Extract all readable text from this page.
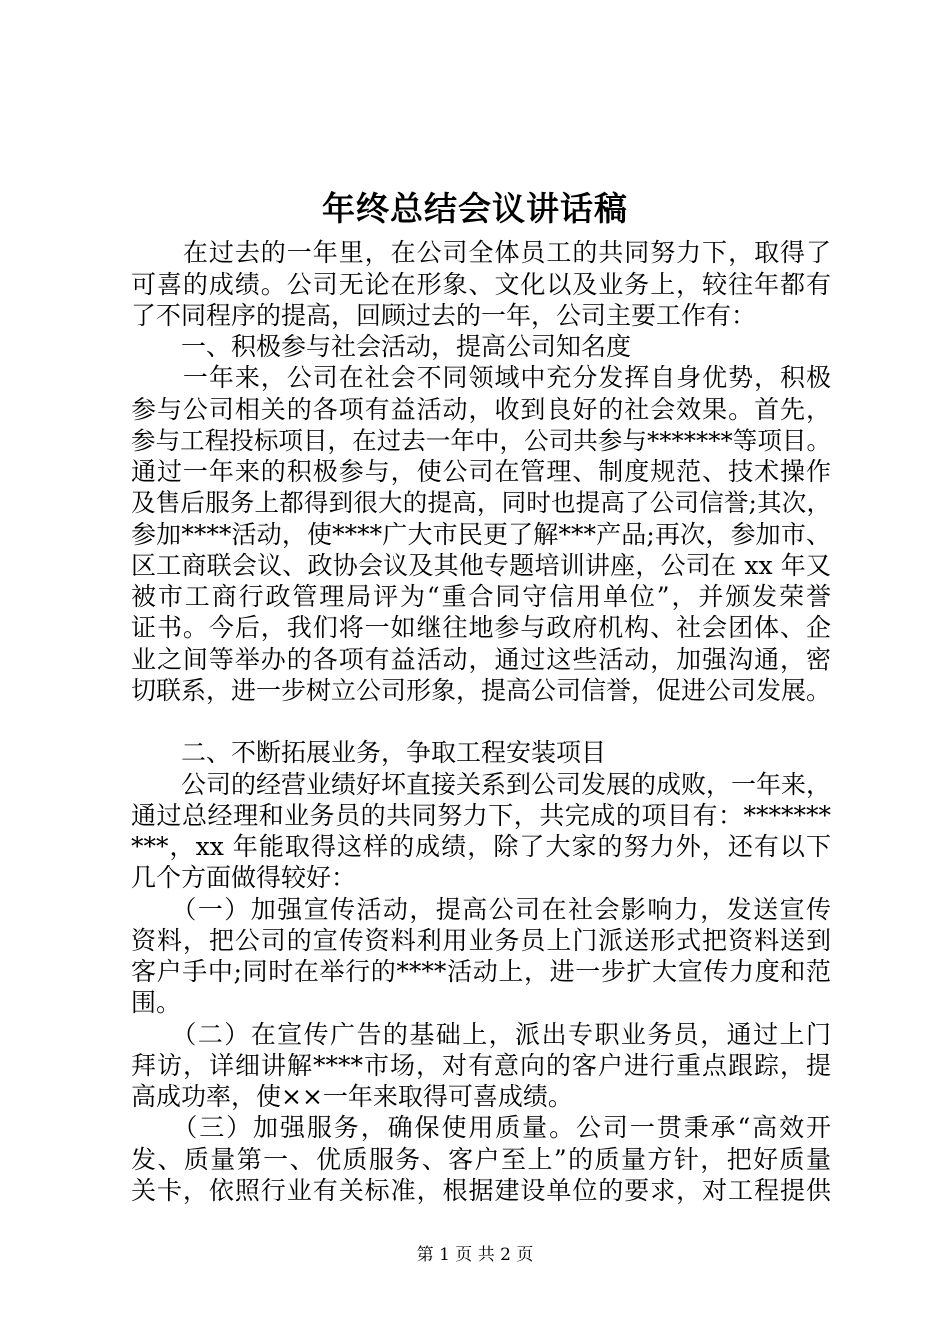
年终总结会议讲话稿
　　在过去的一年里，在公司全体员工的共同努力下，取得了
可喜的成绩。公司无论在形象、文化以及业务上，较往年都有
了不同程序的提高，回顾过去的一年，公司主要工作有：
　　一、积极参与社会活动，提高公司知名度
　　一年来，公司在社会不同领域中充分发挥自身优势，积极
参与公司相关的各项有益活动，收到良好的社会效果。首先，
参与工程投标项目，在过去一年中，公司共参与*******等项目。
通过一年来的积极参与，使公司在管理、制度规范、技术操作
及售后服务上都得到很大的提高，同时也提高了公司信誉;其次，
参加****活动，使****广大市民更了解***产品;再次，参加市、
区工商联会议、政协会议及其他专题培训讲座，公司在 xx 年又
被市工商行政管理局评为“重合同守信用单位”，并颁发荣誉
证书。今后，我们将一如继往地参与政府机构、社会团体、企
业之间等举办的各项有益活动，通过这些活动，加强沟通，密
切联系，进一步树立公司形象，提高公司信誉，促进公司发展。
　　二、不断拓展业务，争取工程安装项目
　　公司的经营业绩好坏直接关系到公司发展的成败，一年来，
通过总经理和业务员的共同努力下，共完成的项目有：*******
***，xx 年能取得这样的成绩，除了大家的努力外，还有以下
几个方面做得较好：
　　（一）加强宣传活动，提高公司在社会影响力，发送宣传
资料，把公司的宣传资料利用业务员上门派送形式把资料送到
客户手中;同时在举行的****活动上，进一步扩大宣传力度和范
围。
　　（二）在宣传广告的基础上，派出专职业务员，通过上门
拜访，详细讲解****市场，对有意向的客户进行重点跟踪，提
高成功率，使××一年来取得可喜成绩。
　　（三）加强服务，确保使用质量。公司一贯秉承“高效开
发、质量第一、优质服务、客户至上”的质量方针，把好质量
关卡，依照行业有关标准，根据建设单位的要求，对工程提供
第 1 页 共 2 页
